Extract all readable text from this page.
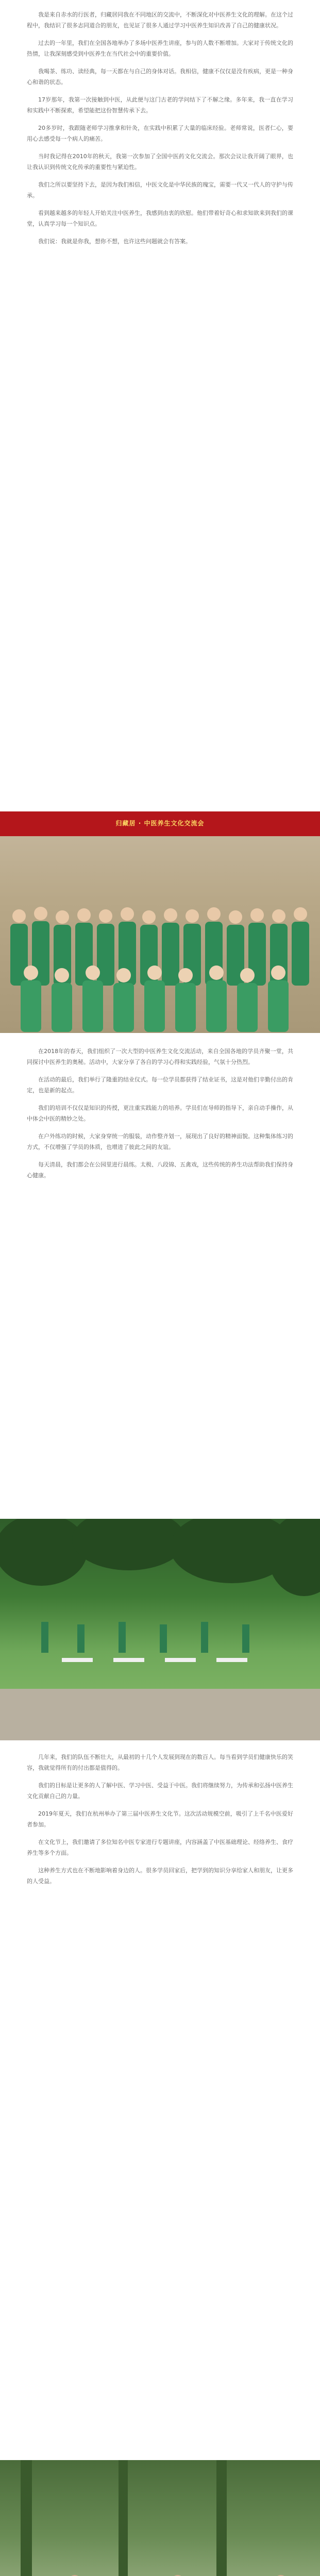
我是来自赤水的行医者，归藏居同我在不同地区的交流中，不断深化对中医养生文化的理解。在这个过程中，我结识了很多志同道合的朋友，也见证了很多人通过学习中医养生知识改善了自己的健康状况。

过去的一年里，我们在全国各地举办了多场中医养生讲座，参与的人数不断增加。大家对于传统文化的热情，让我深刻感受到中医养生在当代社会中的重要价值。

我喝茶、练功、读经典，每一天都在与自己的身体对话。我相信，健康不仅仅是没有疾病，更是一种身心和谐的状态。

17岁那年，我第一次接触到中医，从此便与这门古老的学问结下了不解之缘。多年来，我一直在学习和实践中不断探索，希望能把这份智慧传承下去。

20多岁时，我跟随老师学习推拿和针灸，在实践中积累了大量的临床经验。老师常说，医者仁心，要用心去感受每一个病人的痛苦。

当时我记得在2010年的秋天，我第一次参加了全国中医药文化交流会。那次会议让我开阔了眼界，也让我认识到传统文化传承的重要性与紧迫性。

我们之所以要坚持下去，是因为我们相信，中医文化是中华民族的瑰宝，需要一代又一代人的守护与传承。

看到越来越多的年轻人开始关注中医养生，我感到由衷的欣慰。他们带着好奇心和求知欲来到我们的课堂，认真学习每一个知识点。

我们说：我就是你我，想你不想，也许这些问题就会有答案。

归藏居 · 中医养生文化交流会

在2018年的春天，我们组织了一次大型的中医养生文化交流活动，来自全国各地的学员齐聚一堂，共同探讨中医养生的奥秘。活动中，大家分享了各自的学习心得和实践经验，气氛十分热烈。

在活动的最后，我们举行了隆重的结业仪式。每一位学员都获得了结业证书，这是对他们辛勤付出的肯定，也是新的起点。

我们的培训不仅仅是知识的传授，更注重实践能力的培养。学员们在导师的指导下，亲自动手操作，从中体会中医的精妙之处。

在户外练功的时候，大家身穿统一的服装，动作整齐划一，展现出了良好的精神面貌。这种集体练习的方式，不仅增强了学员的体质，也增进了彼此之间的友谊。

每天清晨，我们都会在公园里进行晨练。太极、八段锦、五禽戏，这些传统的养生功法帮助我们保持身心健康。

几年来，我们的队伍不断壮大，从最初的十几个人发展到现在的数百人。每当看到学员们健康快乐的笑容，我就觉得所有的付出都是值得的。

我们的目标是让更多的人了解中医、学习中医、受益于中医。我们将继续努力，为传承和弘扬中医养生文化贡献自己的力量。

2019年夏天，我们在杭州举办了第三届中医养生文化节。这次活动规模空前，吸引了上千名中医爱好者参加。

在文化节上，我们邀请了多位知名中医专家进行专题讲座，内容涵盖了中医基础理论、经络养生、食疗养生等多个方面。

这种养生方式也在不断地影响着身边的人。很多学员回家后，把学到的知识分享给家人和朋友，让更多的人受益。
